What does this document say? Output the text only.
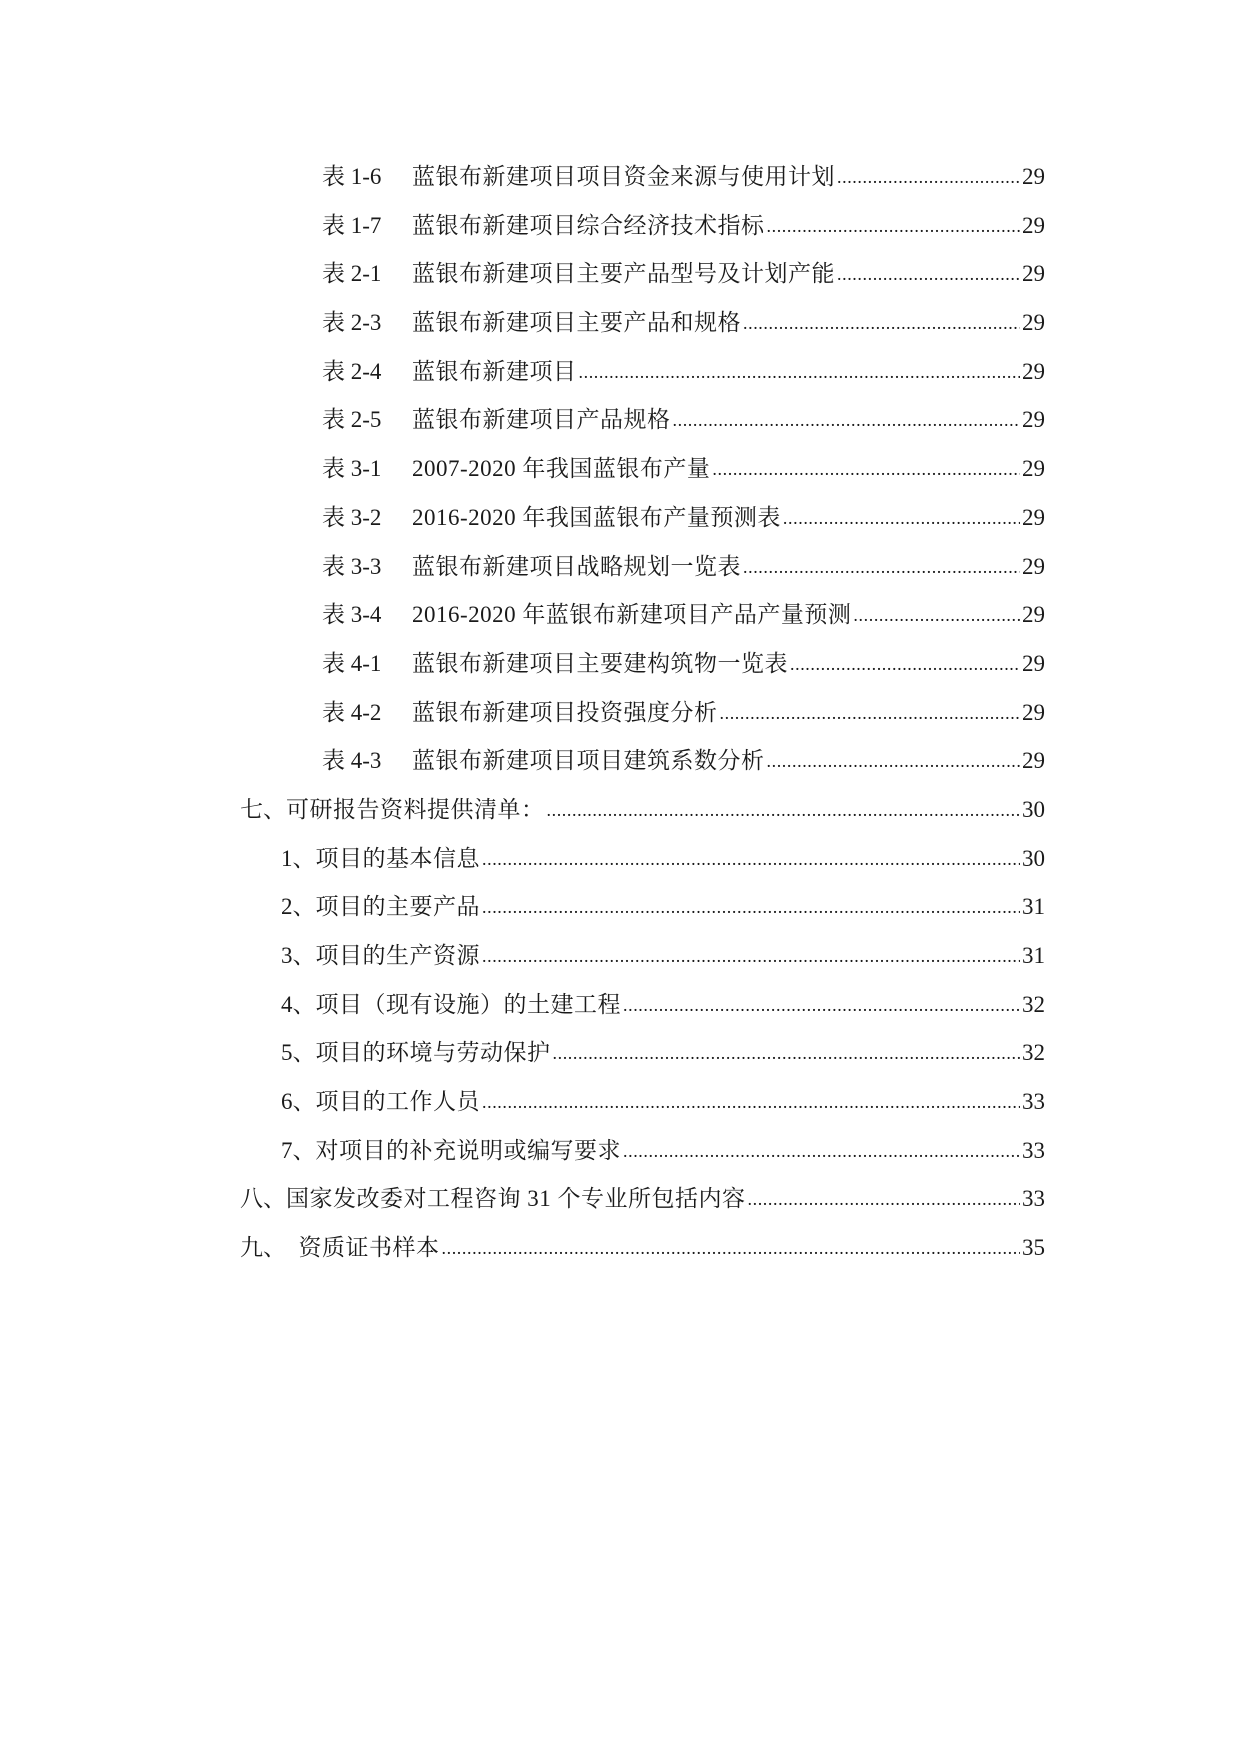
表 1-6	蓝银布新建项目项目资金来源与使用计划 .....	29
表 1-7	蓝银布新建项目综合经济技术指标 .....	29
表 2-1	蓝银布新建项目主要产品型号及计划产能 .....	29
表 2-3	蓝银布新建项目主要产品和规格 .....	29
表 2-4	蓝银布新建项目 .....	29
表 2-5	蓝银布新建项目产品规格 .....	29
表 3-1	2007-2020 年我国蓝银布产量 .....	29
表 3-2	2016-2020 年我国蓝银布产量预测表 .....	29
表 3-3	蓝银布新建项目战略规划一览表 .....	29
表 3-4	2016-2020 年蓝银布新建项目产品产量预测 .....	29
表 4-1	蓝银布新建项目主要建构筑物一览表 .....	29
表 4-2	蓝银布新建项目投资强度分析 .....	29
表 4-3	蓝银布新建项目项目建筑系数分析 .....	29
七、 可研报告资料提供清单： .....	30
1、 项目的基本信息 .....	30
2、 项目的主要产品 .....	31
3、 项目的生产资源 .....	31
4、 项目（现有设施）的土建工程 .....	32
5、 项目的环境与劳动保护 .....	32
6、 项目的工作人员 .....	33
7、 对项目的补充说明或编写要求 .....	33
八、 国家发改委对工程咨询 31 个专业所包括内容 .....	33
九、 资质证书样本 .....	35
